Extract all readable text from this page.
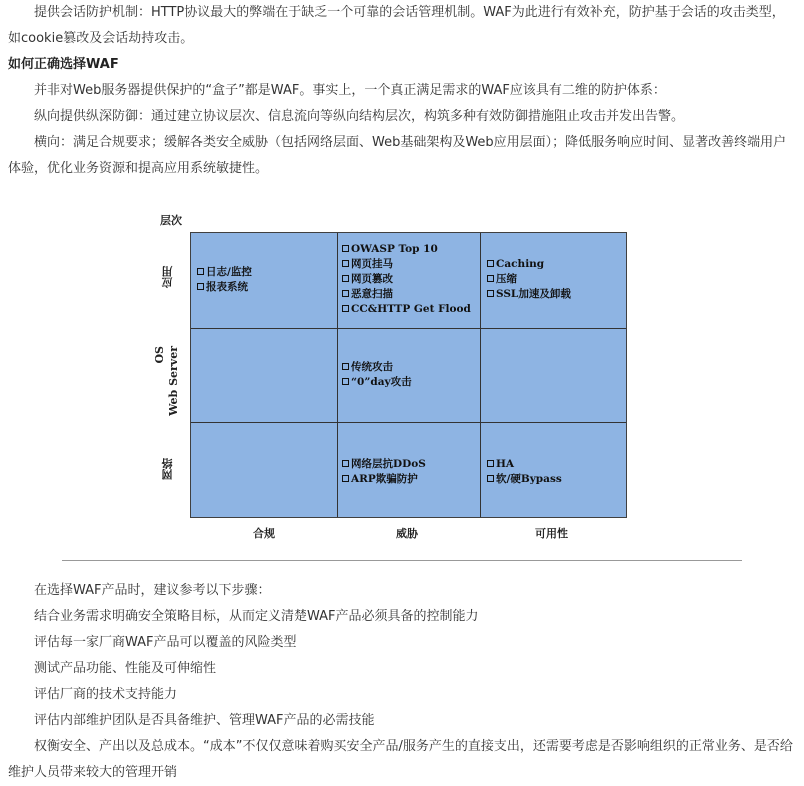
提供会话防护机制：HTTP协议最大的弊端在于缺乏一个可靠的会话管理机制。WAF为此进行有效补充，防护基于会话的攻击类型，如cookie篡改及会话劫持攻击。

如何正确选择WAF

并非对Web服务器提供保护的“盒子”都是WAF。事实上，一个真正满足需求的WAF应该具有二维的防护体系：

纵向提供纵深防御：通过建立协议层次、信息流向等纵向结构层次，构筑多种有效防御措施阻止攻击并发出告警。

横向：满足合规要求；缓解各类安全威胁（包括网络层面、Web基础架构及Web应用层面）；降低服务响应时间、显著改善终端用户体验，优化业务资源和提高应用系统敏捷性。

层次
日志/监控
报表系统
OWASP Top 10
网页挂马
网页篡改
恶意扫描
CC&HTTP Get Flood
Caching
压缩
SSL加速及卸载
传统攻击
“0”day攻击
网络层抗DDoS
ARP欺骗防护
HA
软/硬Bypass
应用
OS Web Server
网络
合规	威胁	可用性

在选择WAF产品时，建议参考以下步骤：

结合业务需求明确安全策略目标，从而定义清楚WAF产品必须具备的控制能力

评估每一家厂商WAF产品可以覆盖的风险类型

测试产品功能、性能及可伸缩性

评估厂商的技术支持能力

评估内部维护团队是否具备维护、管理WAF产品的必需技能

权衡安全、产出以及总成本。“成本”不仅仅意味着购买安全产品/服务产生的直接支出，还需要考虑是否影响组织的正常业务、是否给维护人员带来较大的管理开销
